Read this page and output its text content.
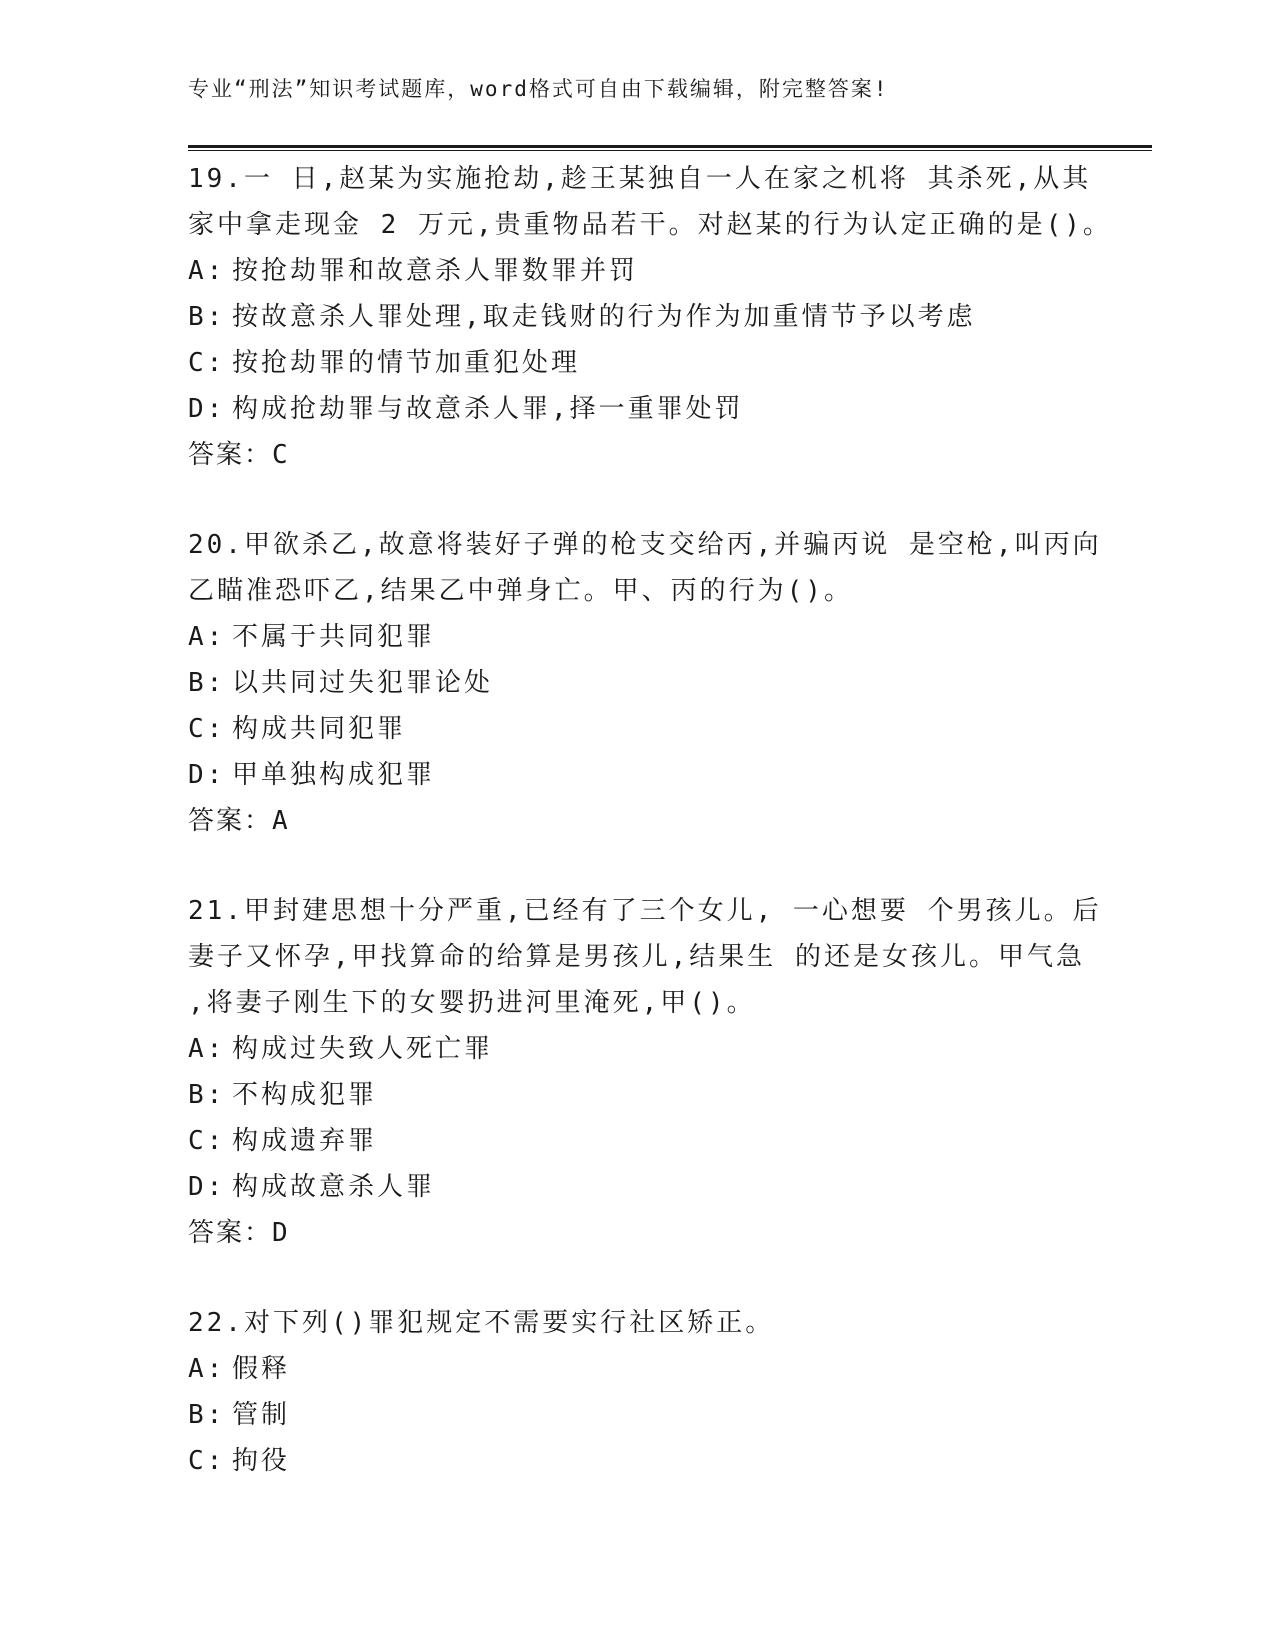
专业“刑法”知识考试题库，word格式可自由下载编辑，附完整答案!
19.一 日,赵某为实施抢劫,趁王某独自一人在家之机将 其杀死,从其
家中拿走现金 2 万元,贵重物品若干。对赵某的行为认定正确的是()。
A: 按抢劫罪和故意杀人罪数罪并罚
B: 按故意杀人罪处理,取走钱财的行为作为加重情节予以考虑
C: 按抢劫罪的情节加重犯处理
D: 构成抢劫罪与故意杀人罪,择一重罪处罚
答案：C
20.甲欲杀乙,故意将装好子弹的枪支交给丙,并骗丙说 是空枪,叫丙向
乙瞄准恐吓乙,结果乙中弹身亡。甲、丙的行为()。
A: 不属于共同犯罪
B: 以共同过失犯罪论处
C: 构成共同犯罪
D: 甲单独构成犯罪
答案：A
21.甲封建思想十分严重,已经有了三个女儿, 一心想要 个男孩儿。后
妻子又怀孕,甲找算命的给算是男孩儿,结果生 的还是女孩儿。甲气急
,将妻子刚生下的女婴扔进河里淹死,甲()。
A: 构成过失致人死亡罪
B: 不构成犯罪
C: 构成遗弃罪
D: 构成故意杀人罪
答案：D
22.对下列()罪犯规定不需要实行社区矫正。
A: 假释
B: 管制
C: 拘役
